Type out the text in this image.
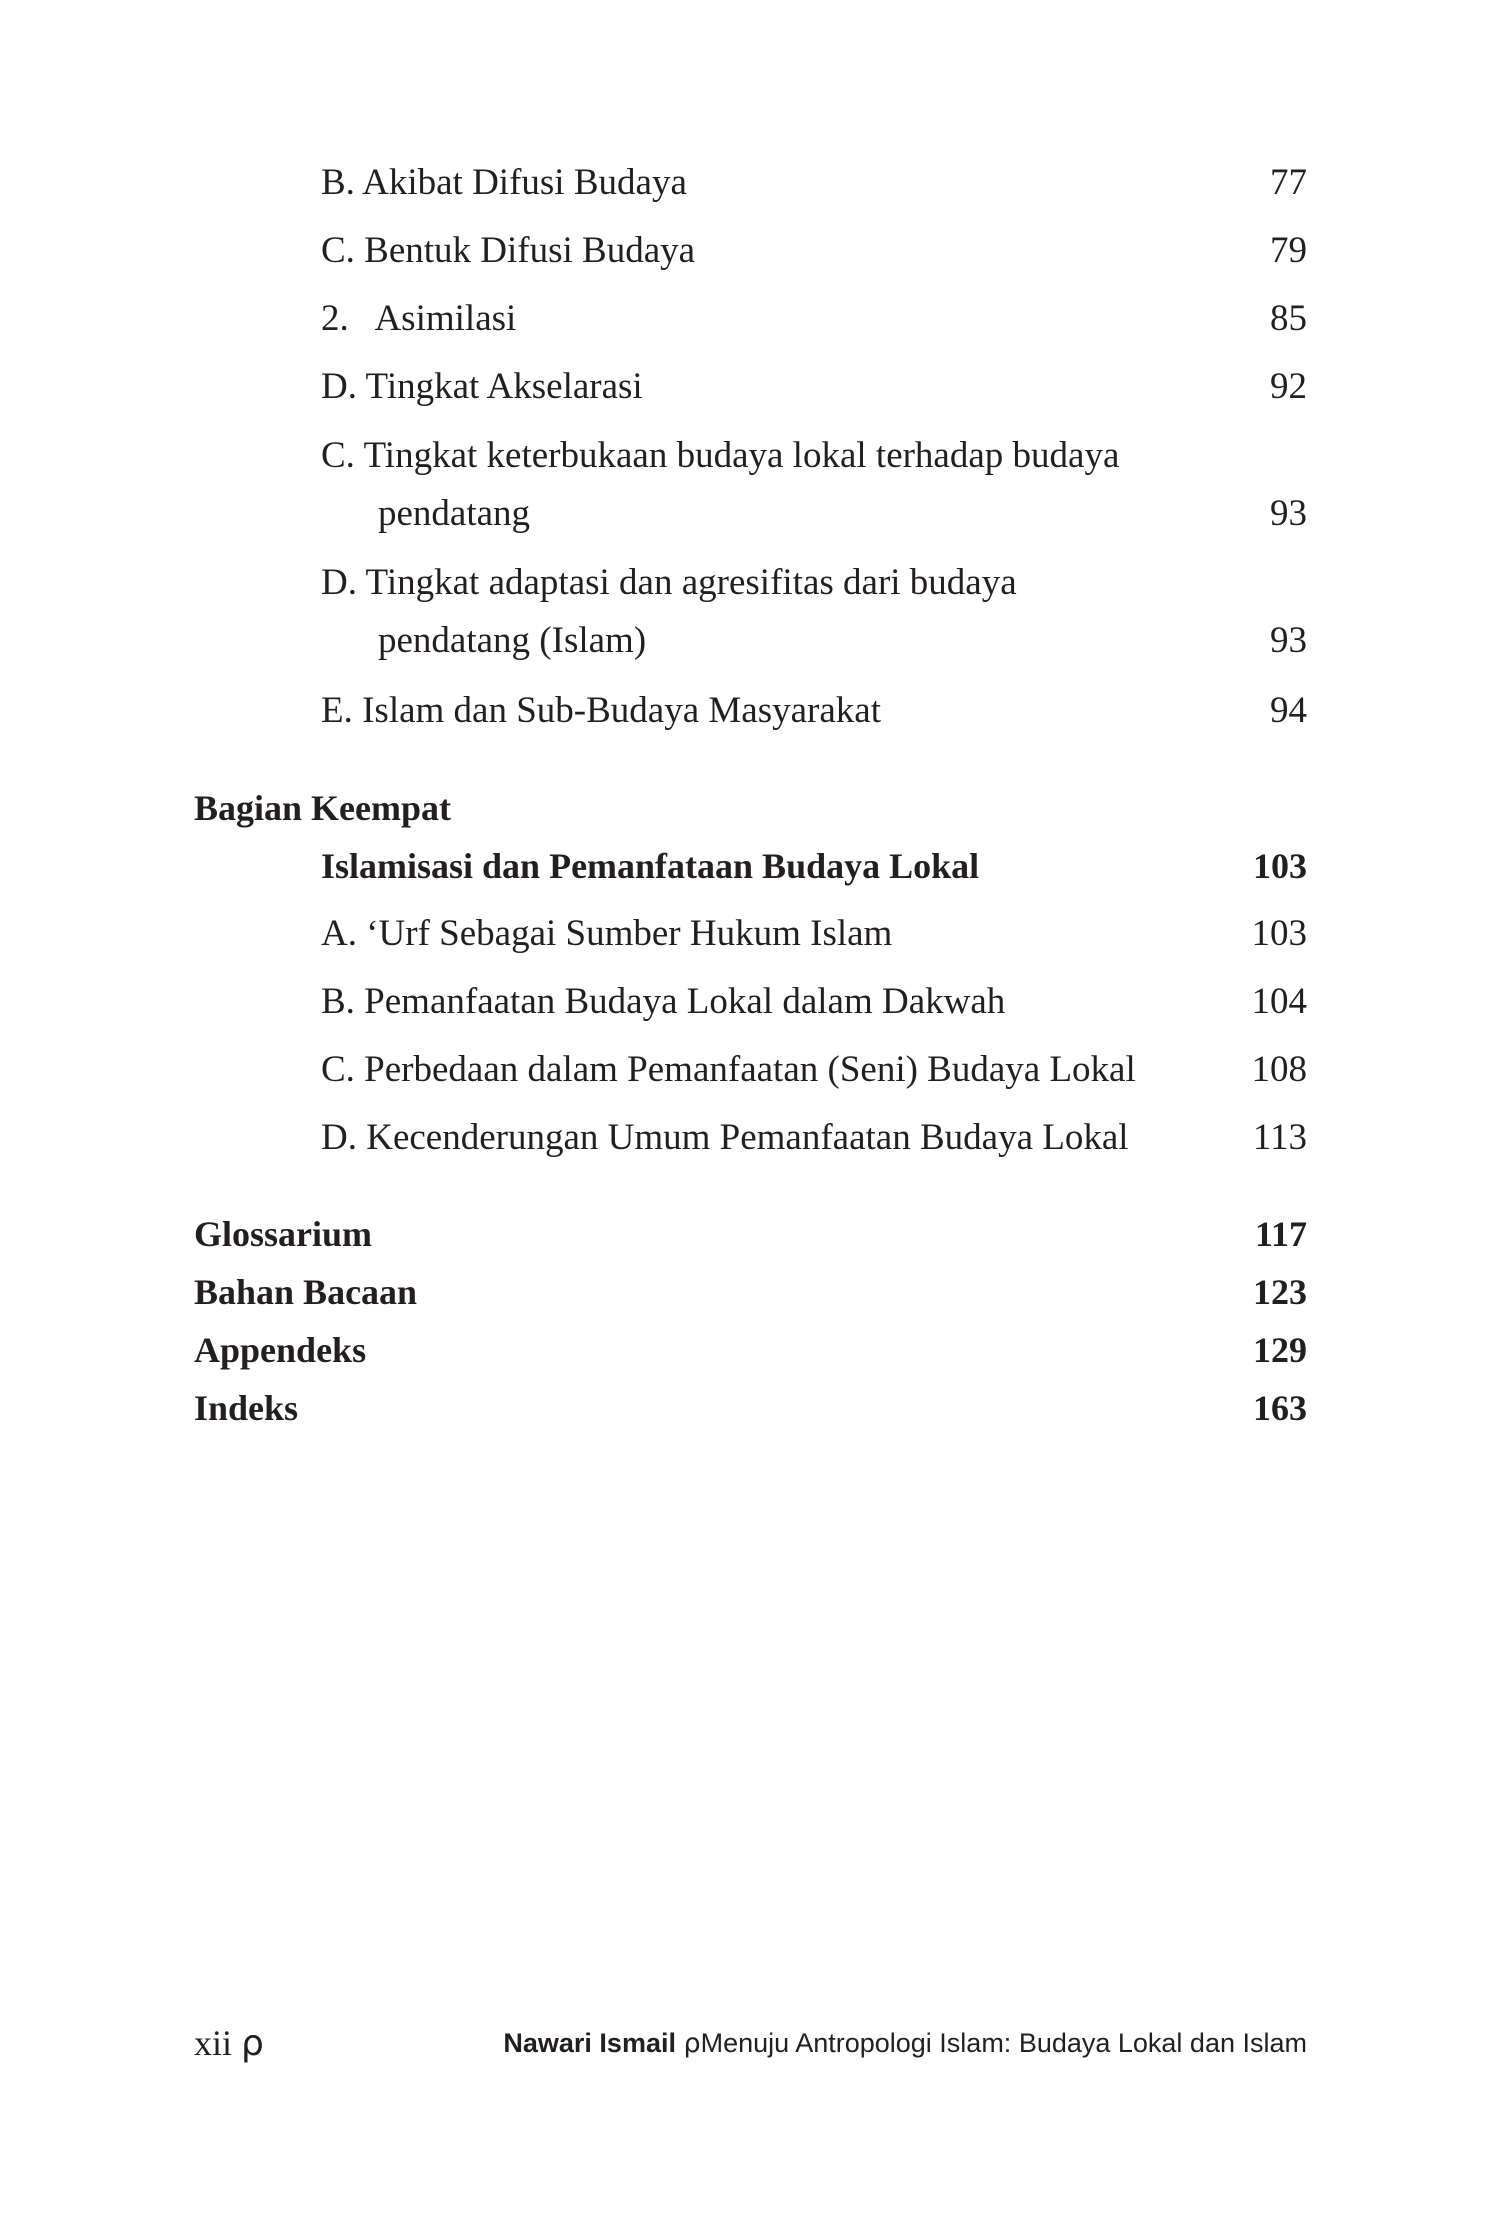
B. Akibat Difusi Budaya	77
C. Bentuk Difusi Budaya	79
2.   Asimilasi	85
D. Tingkat Akselarasi	92
C. Tingkat keterbukaan budaya lokal terhadap budaya
pendatang	93
D. Tingkat adaptasi dan agresifitas dari budaya
pendatang (Islam)	93
E. Islam dan Sub-Budaya Masyarakat	94
Bagian Keempat
Islamisasi dan Pemanfataan Budaya Lokal	103
A. ‘Urf Sebagai Sumber Hukum Islam	103
B. Pemanfaatan Budaya Lokal dalam Dakwah	104
C. Perbedaan dalam Pemanfaatan (Seni) Budaya Lokal	108
D. Kecenderungan Umum Pemanfaatan Budaya Lokal	113
Glossarium	117
Bahan Bacaan	123
Appendeks	129
Indeks	163
xii ρ	Nawari Ismail ρMenuju Antropologi Islam: Budaya Lokal dan Islam
